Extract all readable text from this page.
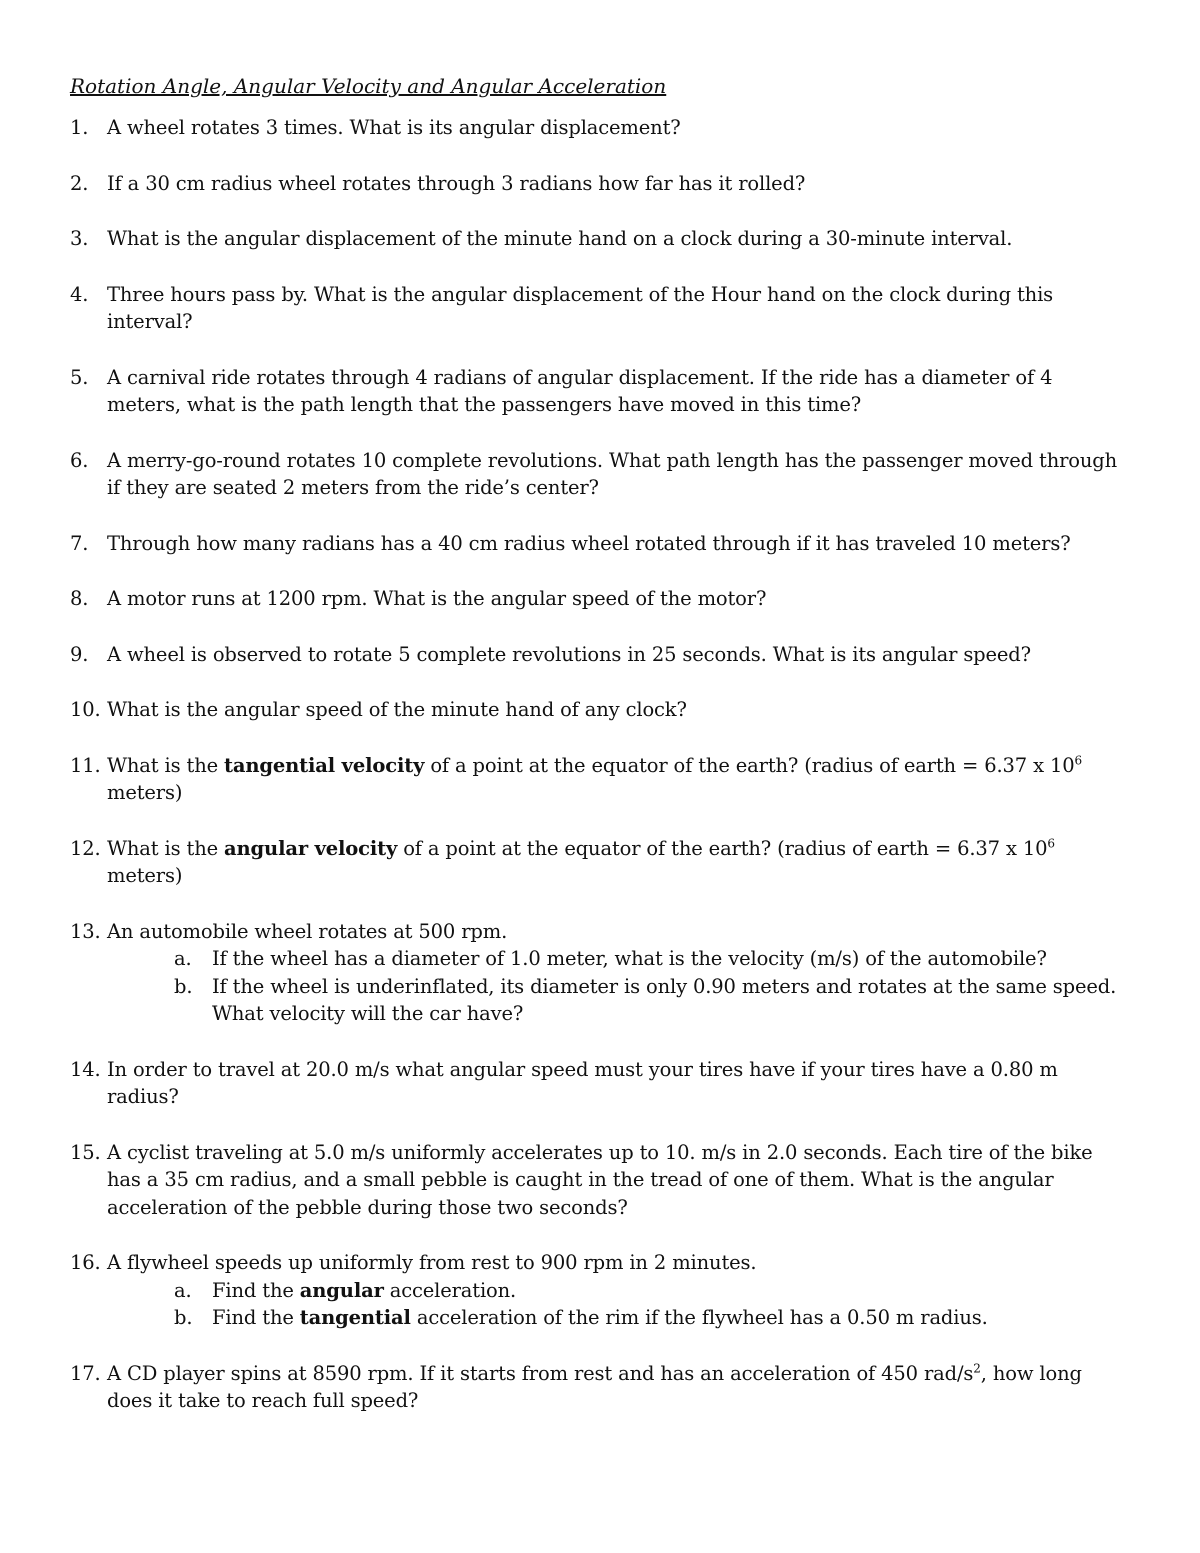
Rotation Angle, Angular Velocity and Angular Acceleration
1. A wheel rotates 3 times. What is its angular displacement?
2. If a 30 cm radius wheel rotates through 3 radians how far has it rolled?
3. What is the angular displacement of the minute hand on a clock during a 30-minute interval.
4. Three hours pass by. What is the angular displacement of the Hour hand on the clock during this interval?
5. A carnival ride rotates through 4 radians of angular displacement. If the ride has a diameter of 4 meters, what is the path length that the passengers have moved in this time?
6. A merry-go-round rotates 10 complete revolutions. What path length has the passenger moved through if they are seated 2 meters from the ride’s center?
7. Through how many radians has a 40 cm radius wheel rotated through if it has traveled 10 meters?
8. A motor runs at 1200 rpm. What is the angular speed of the motor?
9. A wheel is observed to rotate 5 complete revolutions in 25 seconds. What is its angular speed?
10. What is the angular speed of the minute hand of any clock?
11. What is the tangential velocity of a point at the equator of the earth? (radius of earth = 6.37 x $10^6$ meters)
12. What is the angular velocity of a point at the equator of the earth? (radius of earth = 6.37 x $10^6$ meters)
13. An automobile wheel rotates at 500 rpm.
a. If the wheel has a diameter of 1.0 meter, what is the velocity (m/s) of the automobile?
b. If the wheel is underinflated, its diameter is only 0.90 meters and rotates at the same speed. What velocity will the car have?
14. In order to travel at 20.0 m/s what angular speed must your tires have if your tires have a 0.80 m radius?
15. A cyclist traveling at 5.0 m/s uniformly accelerates up to 10. m/s in 2.0 seconds. Each tire of the bike has a 35 cm radius, and a small pebble is caught in the tread of one of them. What is the angular acceleration of the pebble during those two seconds?
16. A flywheel speeds up uniformly from rest to 900 rpm in 2 minutes.
a. Find the angular acceleration.
b. Find the tangential acceleration of the rim if the flywheel has a 0.50 m radius.
17. A CD player spins at 8590 rpm. If it starts from rest and has an acceleration of 450 rad/$s^2$, how long does it take to reach full speed?
